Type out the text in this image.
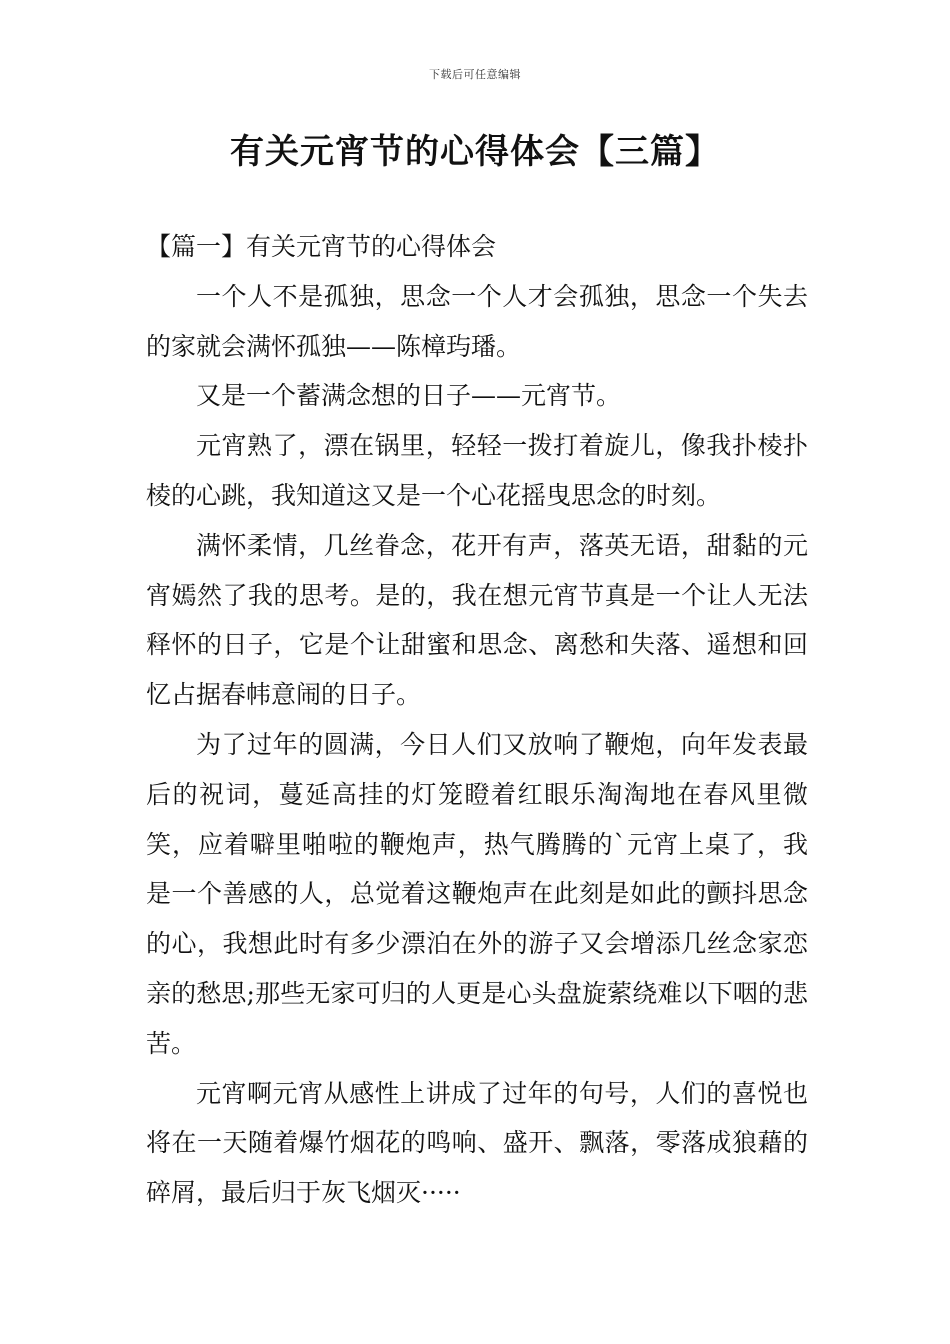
下载后可任意编辑
有关元宵节的心得体会【三篇】
【篇一】有关元宵节的心得体会

一个人不是孤独，思念一个人才会孤独，思念一个失去的家就会满怀孤独——陈樟玙璠。

又是一个蓄满念想的日子——元宵节。

元宵熟了，漂在锅里，轻轻一拨打着旋儿，像我扑棱扑棱的心跳，我知道这又是一个心花摇曳思念的时刻。

满怀柔情，几丝眷念，花开有声，落英无语，甜黏的元宵嫣然了我的思考。是的，我在想元宵节真是一个让人无法释怀的日子，它是个让甜蜜和思念、离愁和失落、遥想和回忆占据春帏意闹的日子。

为了过年的圆满，今日人们又放响了鞭炮，向年发表最后的祝词，蔓延高挂的灯笼瞪着红眼乐淘淘地在春风里微笑，应着噼里啪啦的鞭炮声，热气腾腾的`元宵上桌了，我是一个善感的人，总觉着这鞭炮声在此刻是如此的颤抖思念的心，我想此时有多少漂泊在外的游子又会增添几丝念家恋亲的愁思;那些无家可归的人更是心头盘旋萦绕难以下咽的悲苦。

元宵啊元宵从感性上讲成了过年的句号，人们的喜悦也将在一天随着爆竹烟花的鸣响、盛开、飘落，零落成狼藉的碎屑，最后归于灰飞烟灭·····
